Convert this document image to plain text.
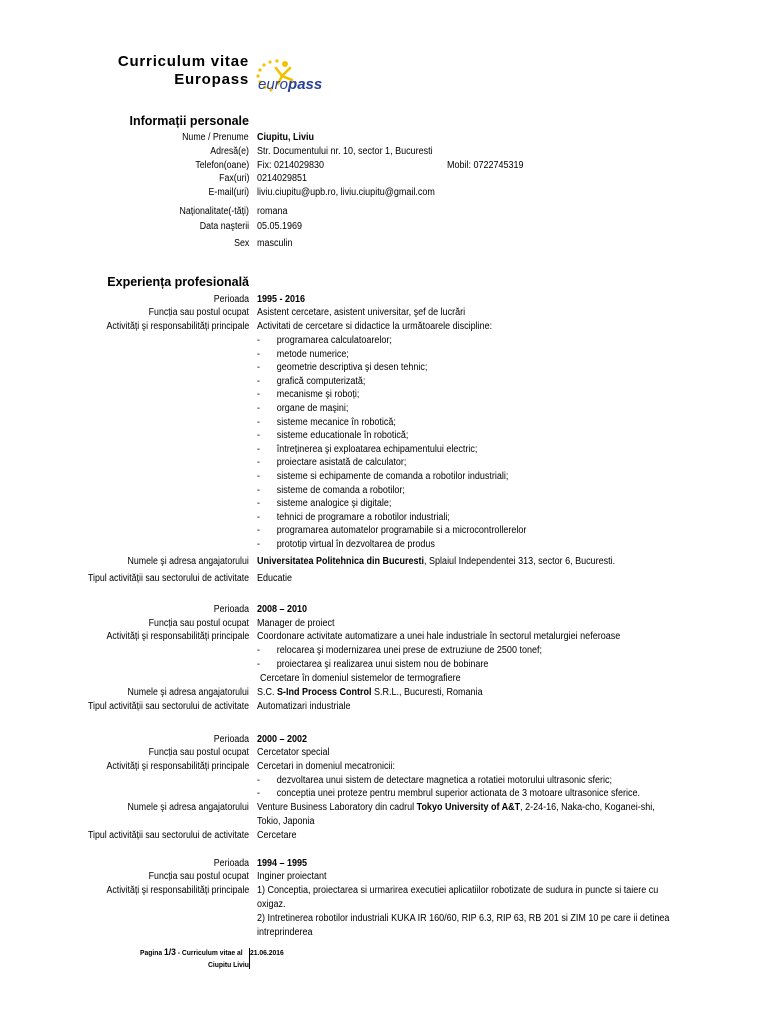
Curriculum vitae
Europass europass
Informații personale
Nume / Prenume Ciupitu, Liviu
Adresă(e) Str. Documentului nr. 10, sector 1, Bucuresti
Telefon(oane) Fix: 0214029830	Mobil: 0722745319
Fax(uri) 0214029851
E-mail(uri) liviu.ciupitu@upb.ro, liviu.ciupitu@gmail.com
Naționalitate(-tăți) romana
Data naşterii 05.05.1969
Sex masculin
Experiența profesională
Perioada 1995 - 2016
Funcția sau postul ocupat Asistent cercetare, asistent universitar, şef de lucrări
Activități şi responsabilități principale Activitati de cercetare si didactice la următoarele discipline:
- programarea calculatoarelor;
- metode numerice;
- geometrie descriptiva şi desen tehnic;
- grafică computerizată;
- mecanisme şi roboți;
- organe de maşini;
- sisteme mecanice în robotică;
- sisteme educationale în robotică;
- întreținerea şi exploatarea echipamentului electric;
- proiectare asistată de calculator;
- sisteme si echipamente de comanda a robotilor industriali;
- sisteme de comanda a robotilor;
- sisteme analogice şi digitale;
- tehnici de programare a robotilor industriali;
- programarea automatelor programabile si a microcontrollerelor
- prototip virtual în dezvoltarea de produs
Numele şi adresa angajatorului Universitatea Politehnica din Bucuresti, Splaiul Independentei 313, sector 6, Bucuresti.
Tipul activității sau sectorului de activitate Educatie
Perioada 2008 – 2010
Funcția sau postul ocupat Manager de proiect
Activități şi responsabilități principale Coordonare activitate automatizare a unei hale industriale în sectorul metalurgiei neferoase
- relocarea şi modernizarea unei prese de extruziune de 2500 tonef;
- proiectarea şi realizarea unui sistem nou de bobinare
Cercetare în domeniul sistemelor de termografiere
Numele şi adresa angajatorului S.C. S-Ind Process Control S.R.L., Bucuresti, Romania
Tipul activității sau sectorului de activitate Automatizari industriale
Perioada 2000 – 2002
Funcția sau postul ocupat Cercetator special
Activități şi responsabilități principale Cercetari in domeniul mecatronicii:
- dezvoltarea unui sistem de detectare magnetica a rotatiei motorului ultrasonic sferic;
- conceptia unei proteze pentru membrul superior actionata de 3 motoare ultrasonice sferice.
Numele şi adresa angajatorului Venture Business Laboratory din cadrul Tokyo University of A&T, 2-24-16, Naka-cho, Koganei-shi,
Tokio, Japonia
Tipul activității sau sectorului de activitate Cercetare
Perioada 1994 – 1995
Funcția sau postul ocupat Inginer proiectant
Activități şi responsabilități principale 1) Conceptia, proiectarea si urmarirea executiei aplicatiilor robotizate de sudura in puncte si taiere cu
oxigaz.
2) Intretinerea robotilor industriali KUKA IR 160/60, RIP 6.3, RIP 63, RB 201 si ZIM 10 pe care ii detinea
intreprinderea
Pagina 1/3 - Curriculum vitae al
Ciupitu Liviu
21.06.2016
